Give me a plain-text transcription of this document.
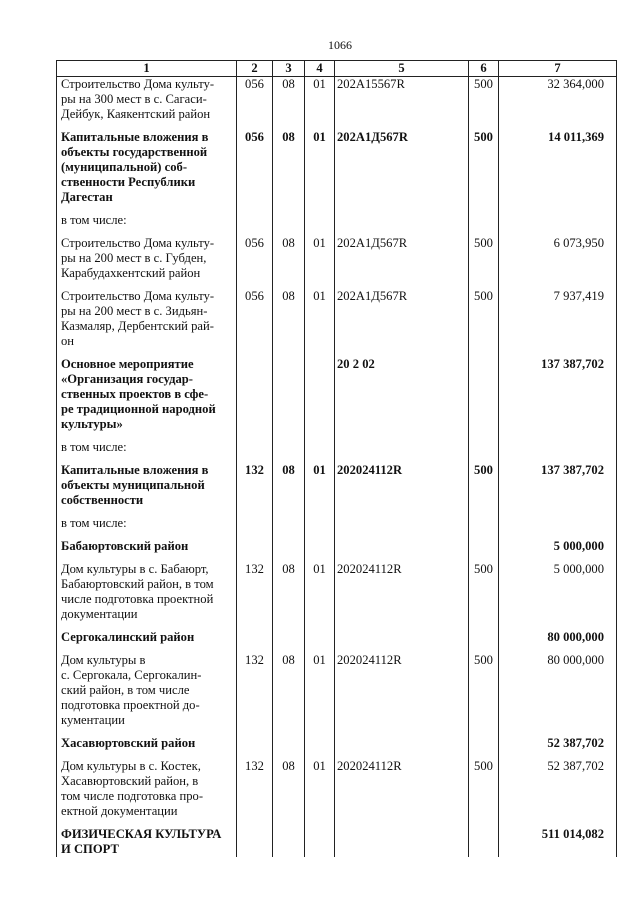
1066
1	2	3	4	5	6	7
Строительство Дома культу-
ры на 300 мест в с. Сагаси-
Дейбук, Каякентский район	056	08	01	202А15567R	500	32 364,000

Капитальные вложения в
объекты государственной
(муниципальной) соб-
ственности Республики
Дагестан	056	08	01	202А1Д567R	500	14 011,369

в том числе:						

Строительство Дома культу-
ры на 200 мест в с. Губден,
Карабудахкентский район	056	08	01	202А1Д567R	500	6 073,950

Строительство Дома культу-
ры на 200 мест в с. Зидьян-
Казмаляр, Дербентский рай-
он	056	08	01	202А1Д567R	500	7 937,419

Основное мероприятие
«Организация государ-
ственных проектов в сфе-
ре традиционной народной
культуры»				20 2 02		137 387,702

в том числе:						

Капитальные вложения в
объекты муниципальной
собственности	132	08	01	202024112R	500	137 387,702

в том числе:						

Бабаюртовский район						5 000,000

Дом культуры в с. Бабаюрт,
Бабаюртовский район, в том
числе подготовка проектной
документации	132	08	01	202024112R	500	5 000,000

Сергокалинский район						80 000,000

Дом культуры в
с. Сергокала, Сергокалин-
ский район, в том числе
подготовка проектной до-
кументации	132	08	01	202024112R	500	80 000,000

Хасавюртовский район						52 387,702

Дом культуры в с. Костек,
Хасавюртовский район, в
том числе подготовка про-
ектной документации	132	08	01	202024112R	500	52 387,702

ФИЗИЧЕСКАЯ КУЛЬТУРА
И СПОРТ						511 014,082
